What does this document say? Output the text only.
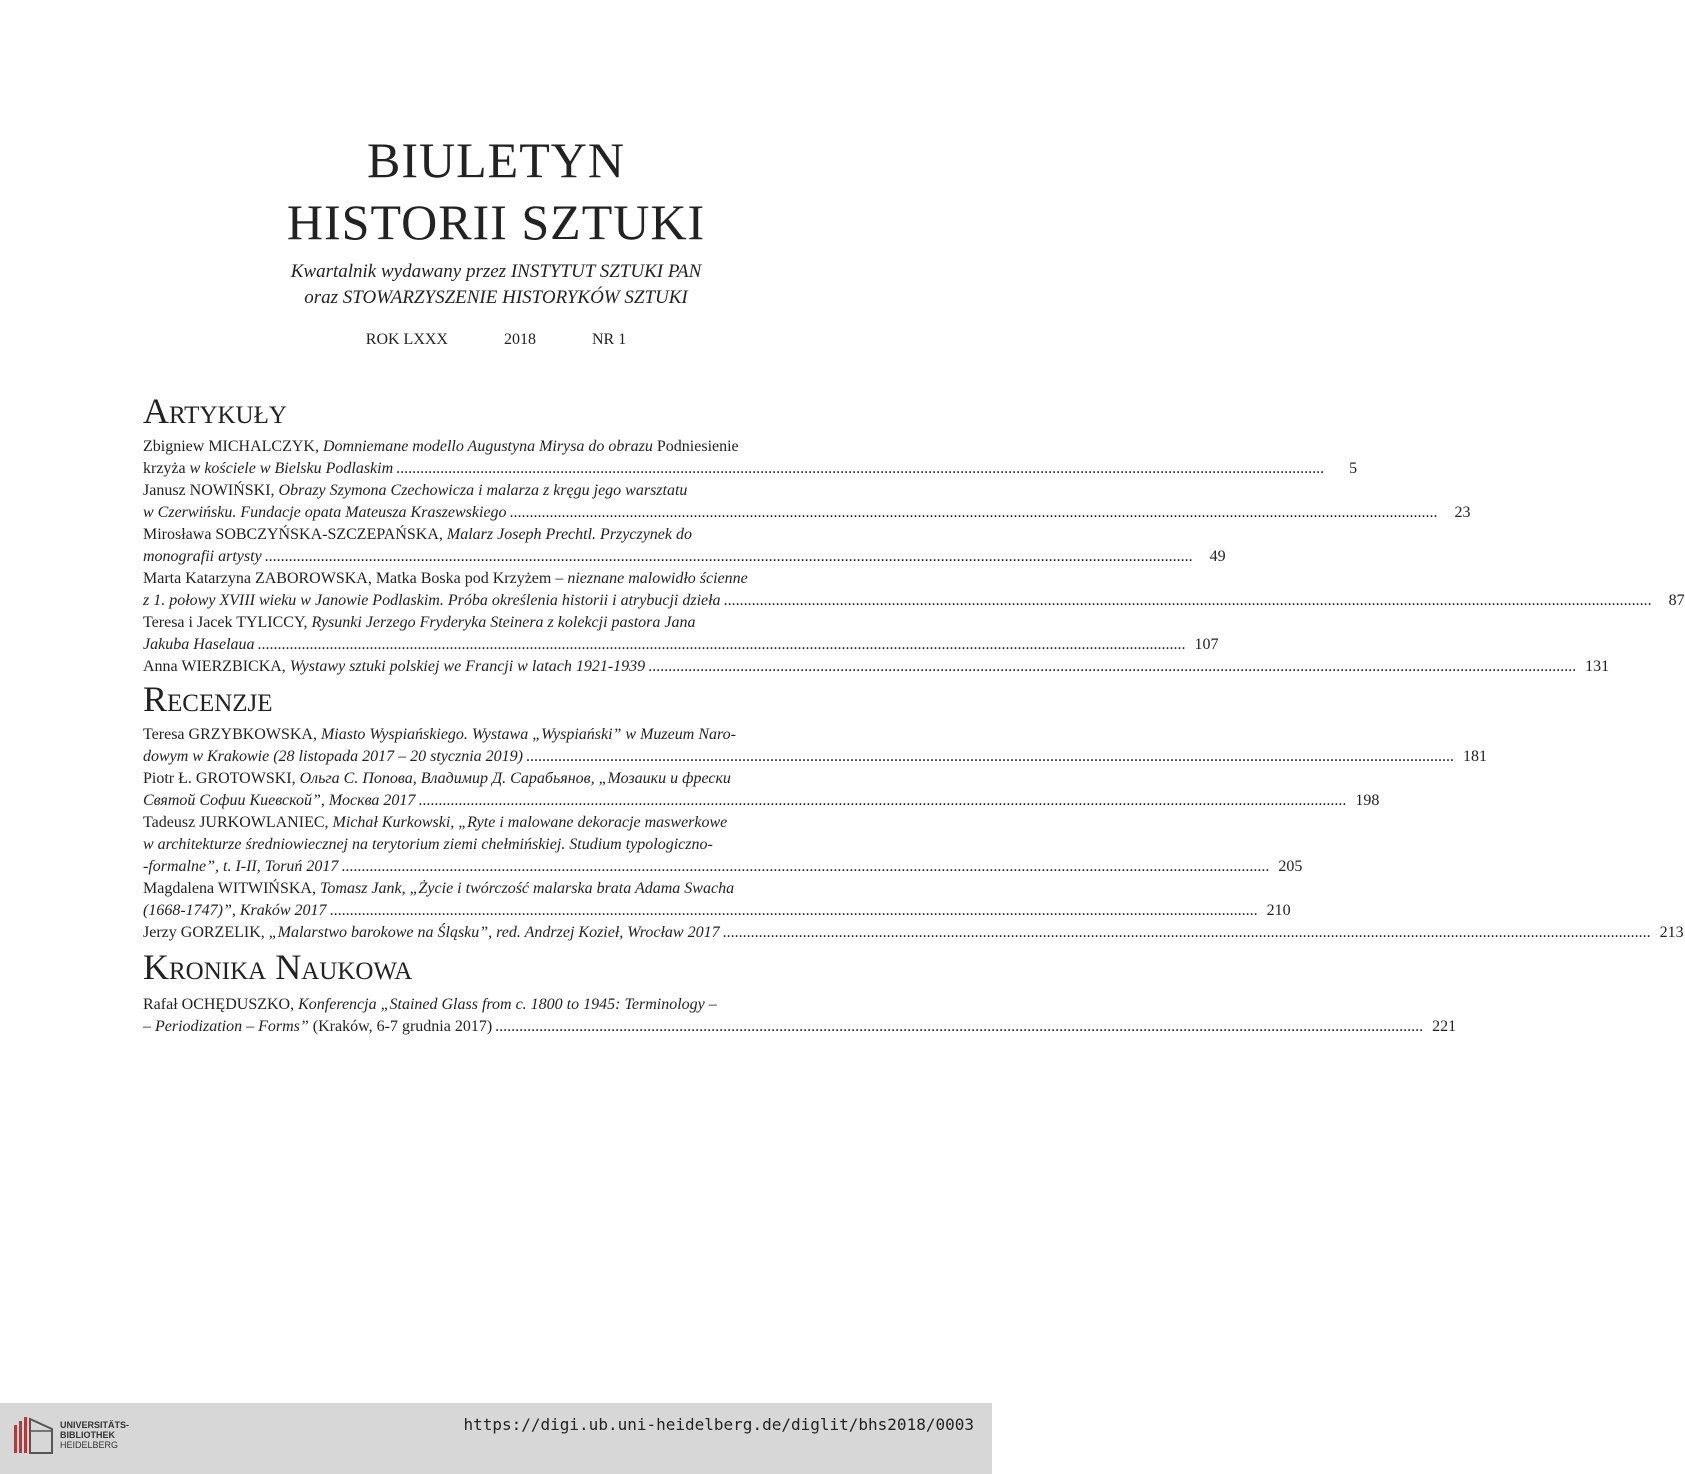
BIULETYN
HISTORII SZTUKI
Kwartalnik wydawany przez INSTYTUT SZTUKI PAN
oraz STOWARZYSZENIE HISTORYKÓW SZTUKI
ROK LXXX	2018	NR 1
Artykuły
Zbigniew MICHALCZYK, Domniemane modello Augustyna Mirysa do obrazu Podniesienie
krzyża w kościele w Bielsku Podlaskim .....	5
Janusz NOWIŃSKI, Obrazy Szymona Czechowicza i malarza z kręgu jego warsztatu
w Czerwińsku. Fundacje opata Mateusza Kraszewskiego .....	23
Mirosława SOBCZYŃSKA-SZCZEPAŃSKA, Malarz Joseph Prechtl. Przyczynek do
monografii artysty .....	49
Marta Katarzyna ZABOROWSKA, Matka Boska pod Krzyżem – nieznane malowidło ścienne
z 1. połowy XVIII wieku w Janowie Podlaskim. Próba określenia historii i atrybucji dzieła .....	87
Teresa i Jacek TYLICCY, Rysunki Jerzego Fryderyka Steinera z kolekcji pastora Jana
Jakuba Haselaua .....	107
Anna WIERZBICKA, Wystawy sztuki polskiej we Francji w latach 1921-1939 .....	131
Recenzje
Teresa GRZYBKOWSKA, Miasto Wyspiańskiego. Wystawa „Wyspiański” w Muzeum Naro-
dowym w Krakowie (28 listopada 2017 – 20 stycznia 2019) .....	181
Piotr Ł. GROTOWSKI, Ольга С. Попова, Владимир Д. Сарабьянов, „Мозаики и фрески
Святой Софии Киевской”, Москва 2017 .....	198
Tadeusz JURKOWLANIEC, Michał Kurkowski, „Ryte i malowane dekoracje maswerkowe
w architekturze średniowiecznej na terytorium ziemi chełmińskiej. Studium typologiczno-
-formalne”, t. I-II, Toruń 2017 .....	205
Magdalena WITWIŃSKA, Tomasz Jank, „Życie i twórczość malarska brata Adama Swacha
(1668-1747)”, Kraków 2017 .....	210
Jerzy GORZELIK, „Malarstwo barokowe na Śląsku”, red. Andrzej Kozieł, Wrocław 2017 .....	213
Kronika Naukowa
Rafał OCHĘDUSZKO, Konferencja „Stained Glass from c. 1800 to 1945: Terminology –
– Periodization – Forms” (Kraków, 6-7 grudnia 2017) .....	221
UNIVERSITÄTS-
BIBLIOTHEK
HEIDELBERG
https://digi.ub.uni-heidelberg.de/diglit/bhs2018/0003
